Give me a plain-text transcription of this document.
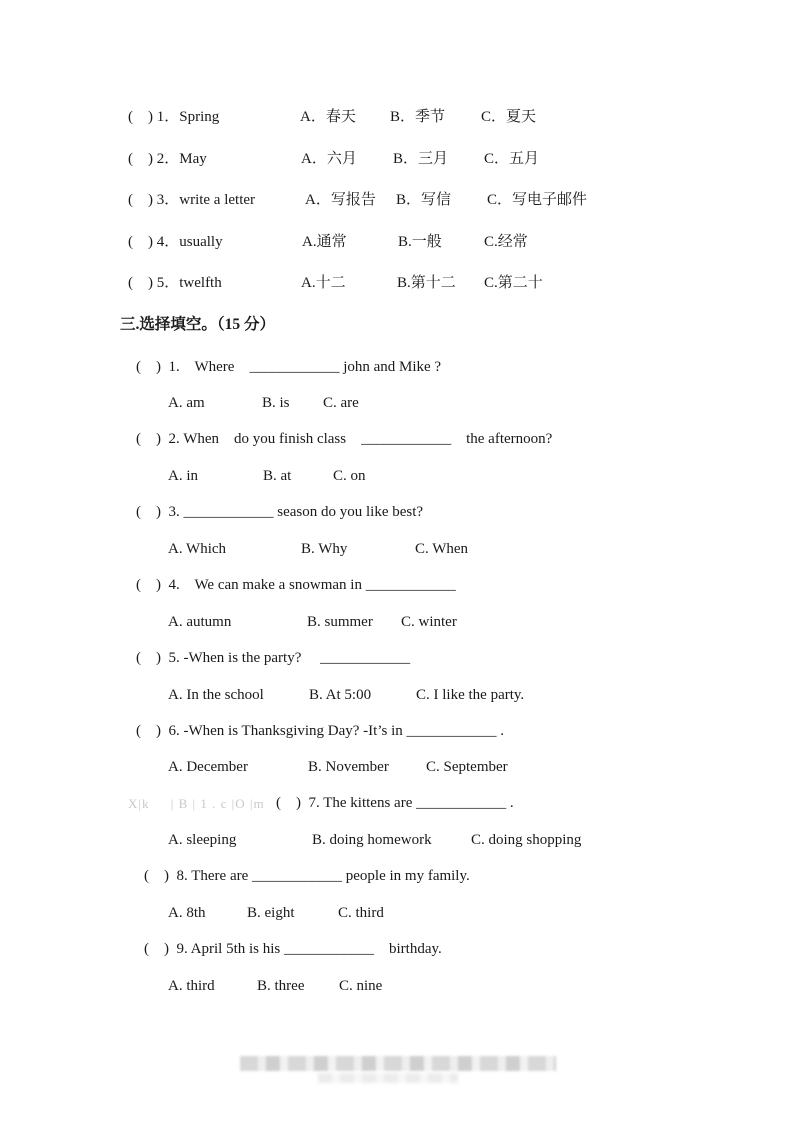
(    ) 1．Spring	A．春天 B．季节 C．夏天
(    ) 2．May	A．六月 B．三月 C．五月
(    ) 3．write a letter	A．写报告 B．写信 C．写电子邮件
(    ) 4．usually	A.通常	B.一般	C.经常
(    ) 5．twelfth	A.十二	B.第十二 C.第二十
三.选择填空。（15 分）
(    )  1.    Where    ____________ john and Mike ?
A. am	B. is C. are
(    )  2. When    do you finish class    ____________    the afternoon?
A. in	B. at	C. on
(    )  3. ____________ season do you like best?
A. Which	B. Why	C. When
(    )  4.    We can make a snowman in ____________
A. autumn	B. summer C. winter
(    )  5. -When is the party?     ____________
A. In the school	B. At 5:00	C. I like the party.
(    )  6. -When is Thanksgiving Day? -It’s in ____________ .
A. December	B. November C. September
X|k     | B | 1 . c |O |m (    )  7. The kittens are ____________ .
A. sleeping	B. doing homework	C. doing shopping
(    )  8. There are ____________ people in my family.
A. 8th	B. eight	C. third
(    )  9. April 5th is his ____________    birthday.
A. third	B. three C. nine
